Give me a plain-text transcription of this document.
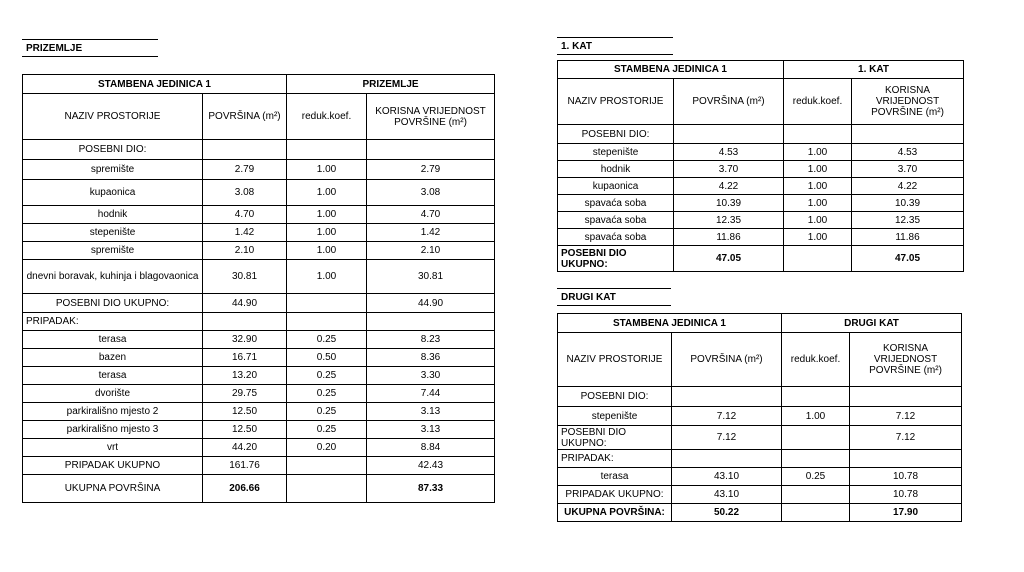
PRIZEMLJE
STAMBENA JEDINICA 1		PRIZEMLJE	
NAZIV PROSTORIJE	POVRŠINA (m²)	reduk.koef.	KORISNA VRIJEDNOST POVRŠINE (m²)
POSEBNI DIO:			
spremište	2.79	1.00	2.79
kupaonica	3.08	1.00	3.08
hodnik	4.70	1.00	4.70
stepenište	1.42	1.00	1.42
spremište	2.10	1.00	2.10
dnevni boravak, kuhinja i blagovaonica	30.81	1.00	30.81
POSEBNI DIO UKUPNO:	44.90		44.90
PRIPADAK:			
terasa	32.90	0.25	8.23
bazen	16.71	0.50	8.36
terasa	13.20	0.25	3.30
dvorište	29.75	0.25	7.44
parkirališno mjesto 2	12.50	0.25	3.13
parkirališno mjesto 3	12.50	0.25	3.13
vrt	44.20	0.20	8.84
PRIPADAK UKUPNO	161.76		42.43
UKUPNA POVRŠINA	206.66		87.33
1. KAT
STAMBENA JEDINICA 1		1. KAT	
NAZIV PROSTORIJE	POVRŠINA (m²)	reduk.koef.	KORISNA VRIJEDNOST POVRŠINE (m²)
POSEBNI DIO:			
stepenište	4.53	1.00	4.53
hodnik	3.70	1.00	3.70
kupaonica	4.22	1.00	4.22
spavaća soba	10.39	1.00	10.39
spavaća soba	12.35	1.00	12.35
spavaća soba	11.86	1.00	11.86
POSEBNI DIO UKUPNO:	47.05		47.05
DRUGI KAT
STAMBENA JEDINICA 1		DRUGI KAT	
NAZIV PROSTORIJE	POVRŠINA (m²)	reduk.koef.	KORISNA VRIJEDNOST POVRŠINE (m²)
POSEBNI DIO:			
stepenište	7.12	1.00	7.12
POSEBNI DIO UKUPNO:	7.12		7.12
PRIPADAK:			
terasa	43.10	0.25	10.78
PRIPADAK UKUPNO:	43.10		10.78
UKUPNA POVRŠINA:	50.22		17.90
